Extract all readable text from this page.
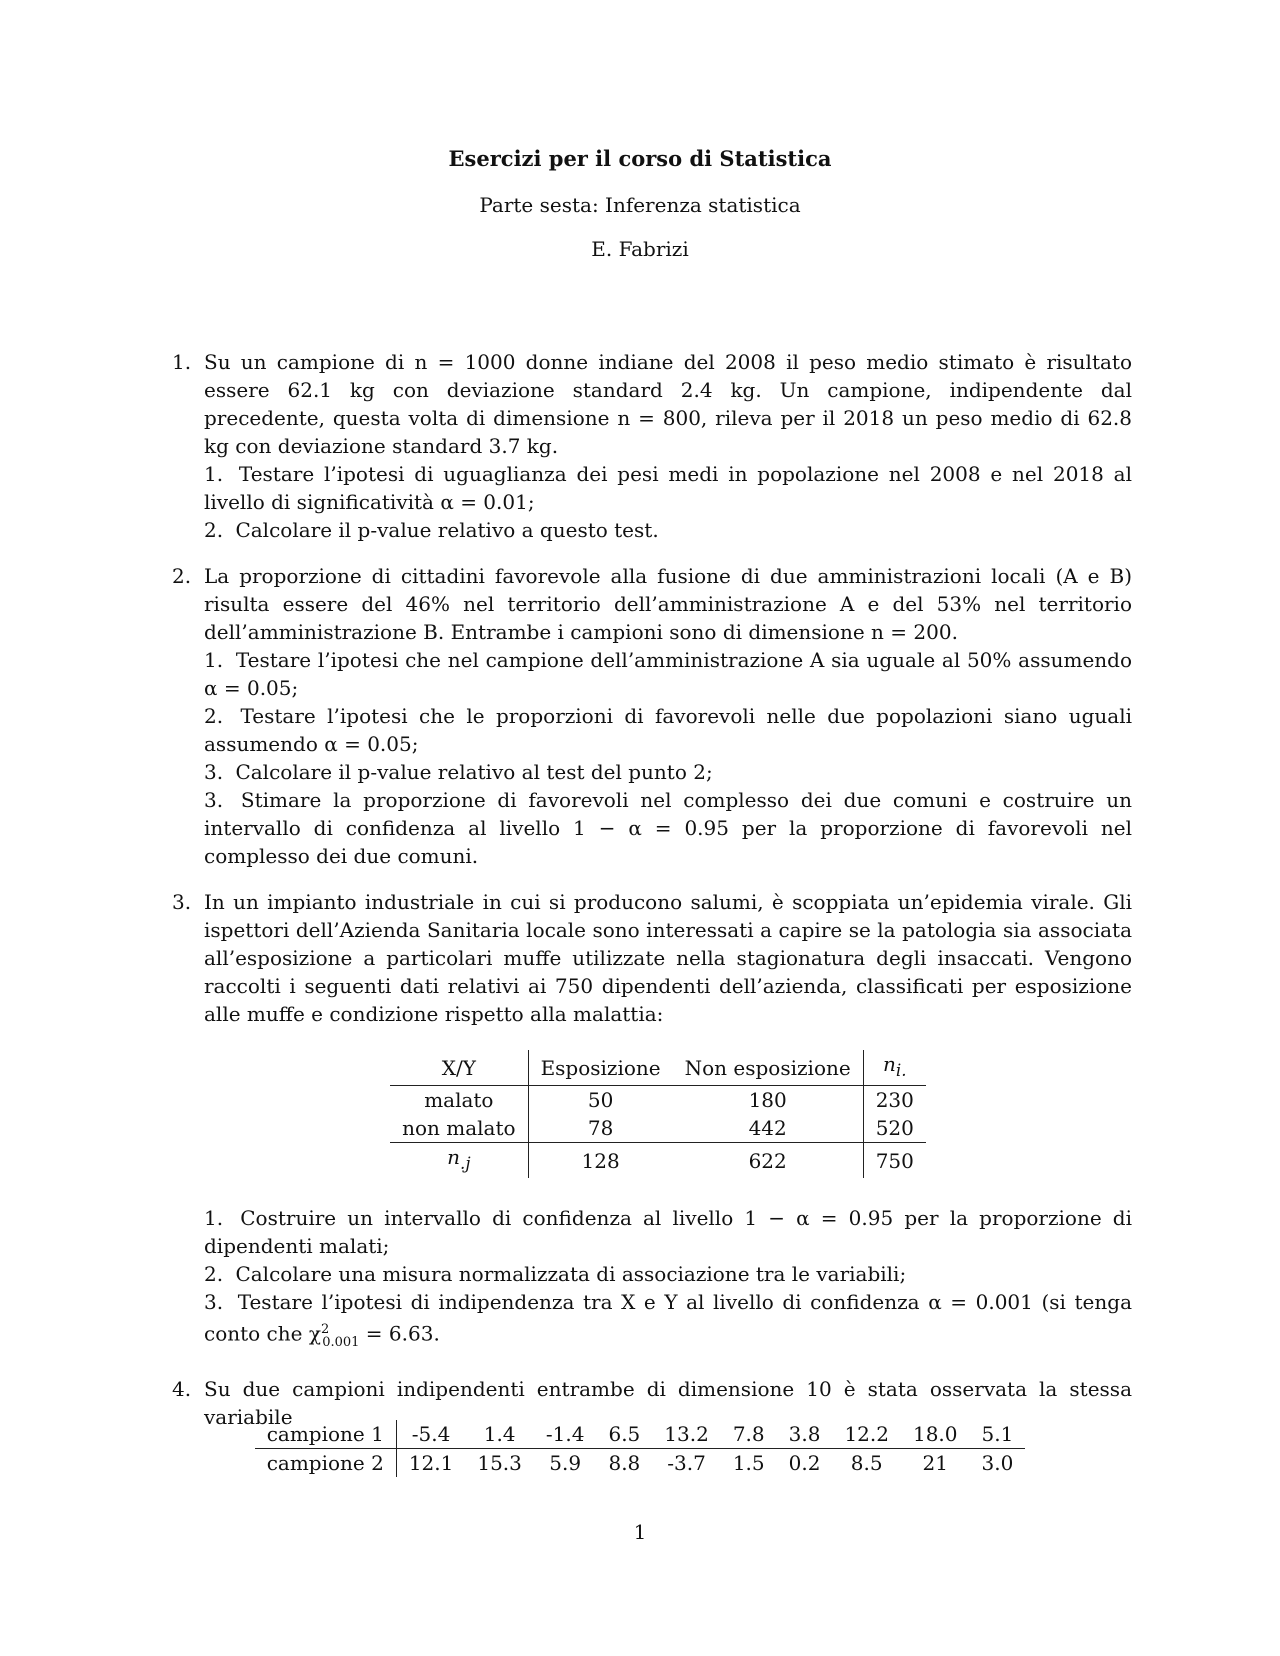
Esercizi per il corso di Statistica
Parte sesta: Inferenza statistica
E. Fabrizi
1. Su un campione di n = 1000 donne indiane del 2008 il peso medio stimato è risultato essere 62.1 kg con deviazione standard 2.4 kg. Un campione, indipendente dal precedente, questa volta di dimensione n = 800, rileva per il 2018 un peso medio di 62.8 kg con deviazione standard 3.7 kg.
1. Testare l’ipotesi di uguaglianza dei pesi medi in popolazione nel 2008 e nel 2018 al livello di significatività α = 0.01;
2. Calcolare il p-value relativo a questo test.
2. La proporzione di cittadini favorevole alla fusione di due amministrazioni locali (A e B) risulta essere del 46% nel territorio dell’amministrazione A e del 53% nel territorio dell’amministrazione B. Entrambe i campioni sono di dimensione n = 200.
1. Testare l’ipotesi che nel campione dell’amministrazione A sia uguale al 50% assumendo α = 0.05;
2. Testare l’ipotesi che le proporzioni di favorevoli nelle due popolazioni siano uguali assumendo α = 0.05;
3. Calcolare il p-value relativo al test del punto 2;
3. Stimare la proporzione di favorevoli nel complesso dei due comuni e costruire un intervallo di confidenza al livello 1 − α = 0.95 per la proporzione di favorevoli nel complesso dei due comuni.
3. In un impianto industriale in cui si producono salumi, è scoppiata un’epidemia virale. Gli ispettori dell’Azienda Sanitaria locale sono interessati a capire se la patologia sia associata all’esposizione a particolari muffe utilizzate nella stagionatura degli insaccati. Vengono raccolti i seguenti dati relativi ai 750 dipendenti dell’azienda, classificati per esposizione alle muffe e condizione rispetto alla malattia:
X/Y	Esposizione	Non esposizione	$n_{i.}$
malato	50	180	230
non malato	78	442	520
$n_{.j}$	128	622	750
1. Costruire un intervallo di confidenza al livello 1 − α = 0.95 per la proporzione di dipendenti malati;
2. Calcolare una misura normalizzata di associazione tra le variabili;
3. Testare l’ipotesi di indipendenza tra X e Y al livello di confidenza α = 0.001 (si tenga conto che $\chi^2_{0.001} = 6.63$.
4. Su due campioni indipendenti entrambe di dimensione 10 è stata osservata la stessa variabile
campione 1	-5.4	1.4	-1.4	6.5	13.2	7.8	3.8	12.2	18.0	5.1
campione 2	12.1	15.3	5.9	8.8	-3.7	1.5	0.2	8.5	21	3.0
1
